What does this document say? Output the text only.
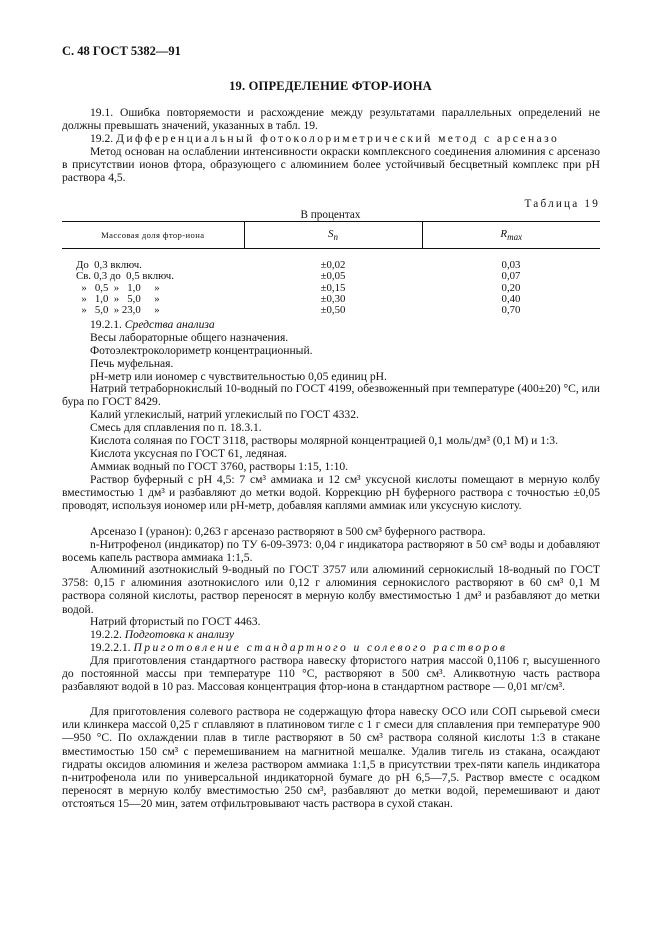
С. 48 ГОСТ 5382—91
19. ОПРЕДЕЛЕНИЕ ФТОР-ИОНА

19.1. Ошибка повторяемости и расхождение между результатами параллельных определений не должны превышать значений, указанных в табл. 19.

19.2. Дифференциальный фотоколориметрический метод с арсеназо

Метод основан на ослаблении интенсивности окраски комплексного соединения алюминия с арсеназо в присутствии ионов фтора, образующего с алюминием более устойчивый бесцветный комплекс при рН раствора 4,5.

Таблица 19
В процентах
Массовая доля фтор-иона	$S_п$	$R_{max}$

До  0,3 включ.	±0,02	0,03
Св. 0,3 до  0,5 включ.	±0,05	0,07
»   0,5  »   1,0     »	±0,15	0,20
»   1,0  »   5,0     »	±0,30	0,40
»   5,0  » 23,0     »	±0,50	0,70

19.2.1. Средства анализа

Весы лабораторные общего назначения.

Фотоэлектроколориметр концентрационный.

Печь муфельная.

рН-метр или иономер с чувствительностью 0,05 единиц рН.

Натрий тетраборнокислый 10-водный по ГОСТ 4199, обезвоженный при температуре (400±20) °С, или бура по ГОСТ 8429.

Калий углекислый, натрий углекислый по ГОСТ 4332.

Смесь для сплавления по п. 18.3.1.

Кислота соляная по ГОСТ 3118, растворы молярной концентрацией 0,1 моль/дм³ (0,1 М) и 1:3.

Кислота уксусная по ГОСТ 61, ледяная.

Аммиак водный по ГОСТ 3760, растворы 1:15, 1:10.

Раствор буферный с рН 4,5: 7 см³ аммиака и 12 см³ уксусной кислоты помещают в мерную колбу вместимостью 1 дм³ и разбавляют до метки водой. Коррекцию рН буферного раствора с точностью ±0,05 проводят, используя иономер или рН-метр, добавляя каплями аммиак или уксусную кислоту.

Арсеназо I (уранон): 0,263 г арсеназо растворяют в 500 см³ буферного раствора.

n-Нитрофенол (индикатор) по ТУ 6-09-3973: 0,04 г индикатора растворяют в 50 см³ воды и добавляют восемь капель раствора аммиака 1:1,5.

Алюминий азотнокислый 9-водный по ГОСТ 3757 или алюминий сернокислый 18-водный по ГОСТ 3758: 0,15 г алюминия азотнокислого или 0,12 г алюминия сернокислого растворяют в 60 см³ 0,1 М раствора соляной кислоты, раствор переносят в мерную колбу вместимостью 1 дм³ и разбавляют до метки водой.

Натрий фтористый по ГОСТ 4463.

19.2.2. Подготовка к анализу

19.2.2.1. Приготовление стандартного и солевого растворов

Для приготовления стандартного раствора навеску фтористого натрия массой 0,1106 г, высушенного до постоянной массы при температуре 110 °С, растворяют в 500 см³. Аликвотную часть раствора разбавляют водой в 10 раз. Массовая концентрация фтор-иона в стандартном растворе — 0,01 мг/см³.

Для приготовления солевого раствора не содержащую фтора навеску ОСО или СОП сырьевой смеси или клинкера массой 0,25 г сплавляют в платиновом тигле с 1 г смеси для сплавления при температуре 900—950 °С. По охлаждении плав в тигле растворяют в 50 см³ раствора соляной кислоты 1:3 в стакане вместимостью 150 см³ с перемешиванием на магнитной мешалке. Удалив тигель из стакана, осаждают гидраты оксидов алюминия и железа раствором аммиака 1:1,5 в присутствии трех-пяти капель индикатора n-нитрофенола или по универсальной индикаторной бумаге до рН 6,5—7,5. Раствор вместе с осадком переносят в мерную колбу вместимостью 250 см³, разбавляют до метки водой, перемешивают и дают отстояться 15—20 мин, затем отфильтровывают часть раствора в сухой стакан.
